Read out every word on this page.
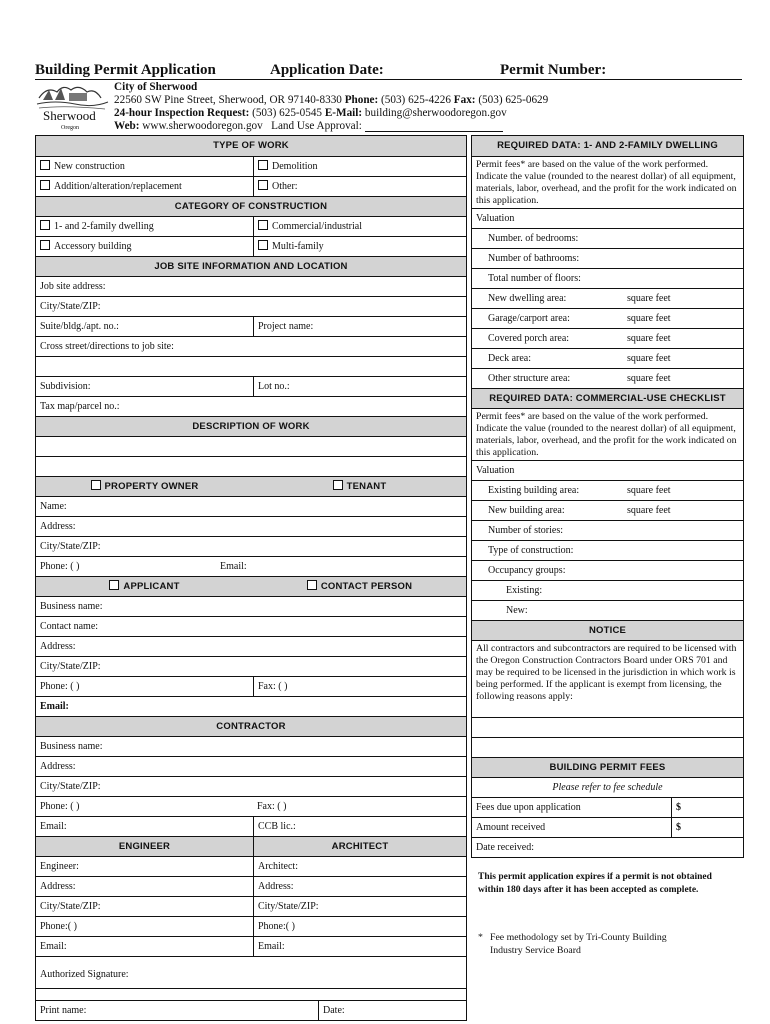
Building Permit Application	Application Date:	Permit Number:
Sherwood
Oregon
City of Sherwood
22560 SW Pine Street, Sherwood, OR 97140-8330 Phone: (503) 625-4226 Fax: (503) 625-0629
24-hour Inspection Request: (503) 625-0545 E-Mail: building@sherwoodoregon.gov
Web: www.sherwoodoregon.gov Land Use Approval:
TYPE OF WORK
New construction	Demolition
Addition/alteration/replacement	Other:
CATEGORY OF CONSTRUCTION
1- and 2-family dwelling	Commercial/industrial
Accessory building	Multi-family
JOB SITE INFORMATION AND LOCATION
Job site address:
City/State/ZIP:
Suite/bldg./apt. no.:	Project name:
Cross street/directions to job site:
Subdivision:	Lot no.:
Tax map/parcel no.:
DESCRIPTION OF WORK
PROPERTY OWNER	TENANT
Name:
Address:
City/State/ZIP:
Phone: ( )	Email:
APPLICANT	CONTACT PERSON
Business name:
Contact name:
Address:
City/State/ZIP:
Phone: ( )	Fax: ( )
Email:
CONTRACTOR
Business name:
Address:
City/State/ZIP:
Phone: ( )	Fax: ( )
Email:	CCB lic.:
ENGINEER	ARCHITECT
Engineer:	Architect:
Address:	Address:
City/State/ZIP:	City/State/ZIP:
Phone:( )	Phone:( )
Email:	Email:
Authorized Signature:
Print name:	Date:
REQUIRED DATA: 1- AND 2-FAMILY DWELLING
Permit fees* are based on the value of the work performed. Indicate the value (rounded to the nearest dollar) of all equipment, materials, labor, overhead, and the profit for the work indicated on this application.
Valuation
Number. of bedrooms:
Number of bathrooms:
Total number of floors:
New dwelling area:	square feet
Garage/carport area:	square feet
Covered porch area:	square feet
Deck area:	square feet
Other structure area:	square feet
REQUIRED DATA: COMMERCIAL-USE CHECKLIST
Permit fees* are based on the value of the work performed. Indicate the value (rounded to the nearest dollar) of all equipment, materials, labor, overhead, and the profit for the work indicated on this application.
Valuation
Existing building area:	square feet
New building area:	square feet
Number of stories:
Type of construction:
Occupancy groups:
Existing:
New:
NOTICE
All contractors and subcontractors are required to be licensed with the Oregon Construction Contractors Board under ORS 701 and may be required to be licensed in the jurisdiction in which work is being performed. If the applicant is exempt from licensing, the following reasons apply:
BUILDING PERMIT FEES
Please refer to fee schedule
Fees due upon application	$
Amount received	$
Date received:
This permit application expires if a permit is not obtained within 180 days after it has been accepted as complete.
* Fee methodology set by Tri-County Building Industry Service Board
